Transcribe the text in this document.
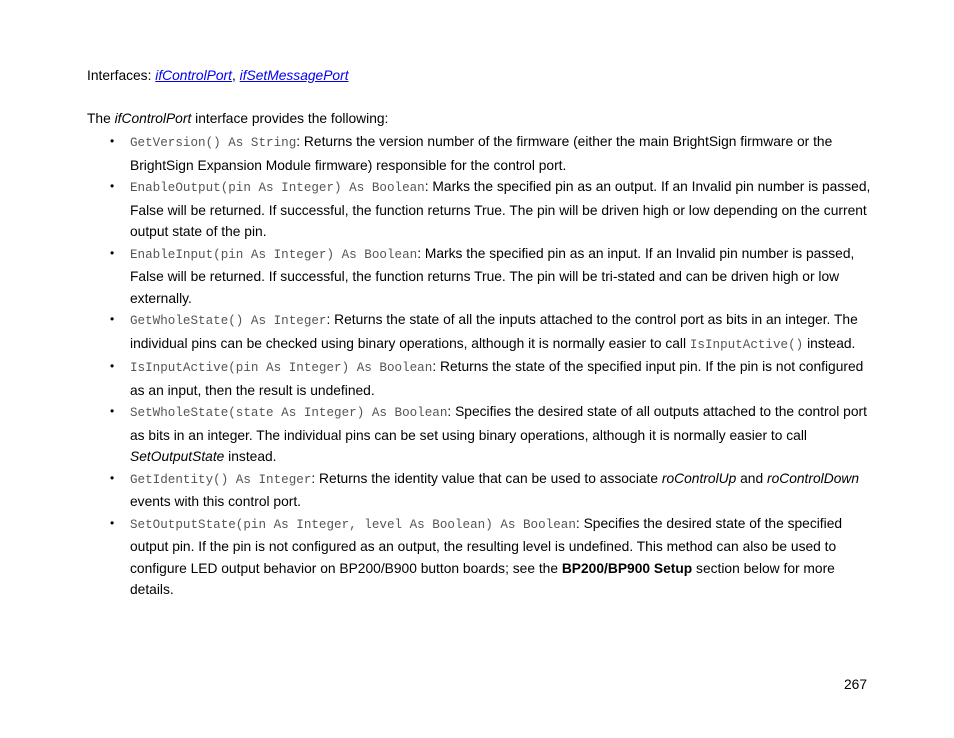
Interfaces: ifControlPort, ifSetMessagePort
The ifControlPort interface provides the following:
• GetVersion() As String: Returns the version number of the firmware (either the main BrightSign firmware or the BrightSign Expansion Module firmware) responsible for the control port.
• EnableOutput(pin As Integer) As Boolean: Marks the specified pin as an output. If an Invalid pin number is passed, False will be returned. If successful, the function returns True. The pin will be driven high or low depending on the current output state of the pin.
• EnableInput(pin As Integer) As Boolean: Marks the specified pin as an input. If an Invalid pin number is passed, False will be returned. If successful, the function returns True. The pin will be tri-stated and can be driven high or low externally.
• GetWholeState() As Integer: Returns the state of all the inputs attached to the control port as bits in an integer. The individual pins can be checked using binary operations, although it is normally easier to call IsInputActive() instead.
• IsInputActive(pin As Integer) As Boolean: Returns the state of the specified input pin. If the pin is not configured as an input, then the result is undefined.
• SetWholeState(state As Integer) As Boolean: Specifies the desired state of all outputs attached to the control port as bits in an integer. The individual pins can be set using binary operations, although it is normally easier to call SetOutputState instead.
• GetIdentity() As Integer: Returns the identity value that can be used to associate roControlUp and roControlDown events with this control port.
• SetOutputState(pin As Integer, level As Boolean) As Boolean: Specifies the desired state of the specified output pin. If the pin is not configured as an output, the resulting level is undefined. This method can also be used to configure LED output behavior on BP200/B900 button boards; see the BP200/BP900 Setup section below for more details.
267
